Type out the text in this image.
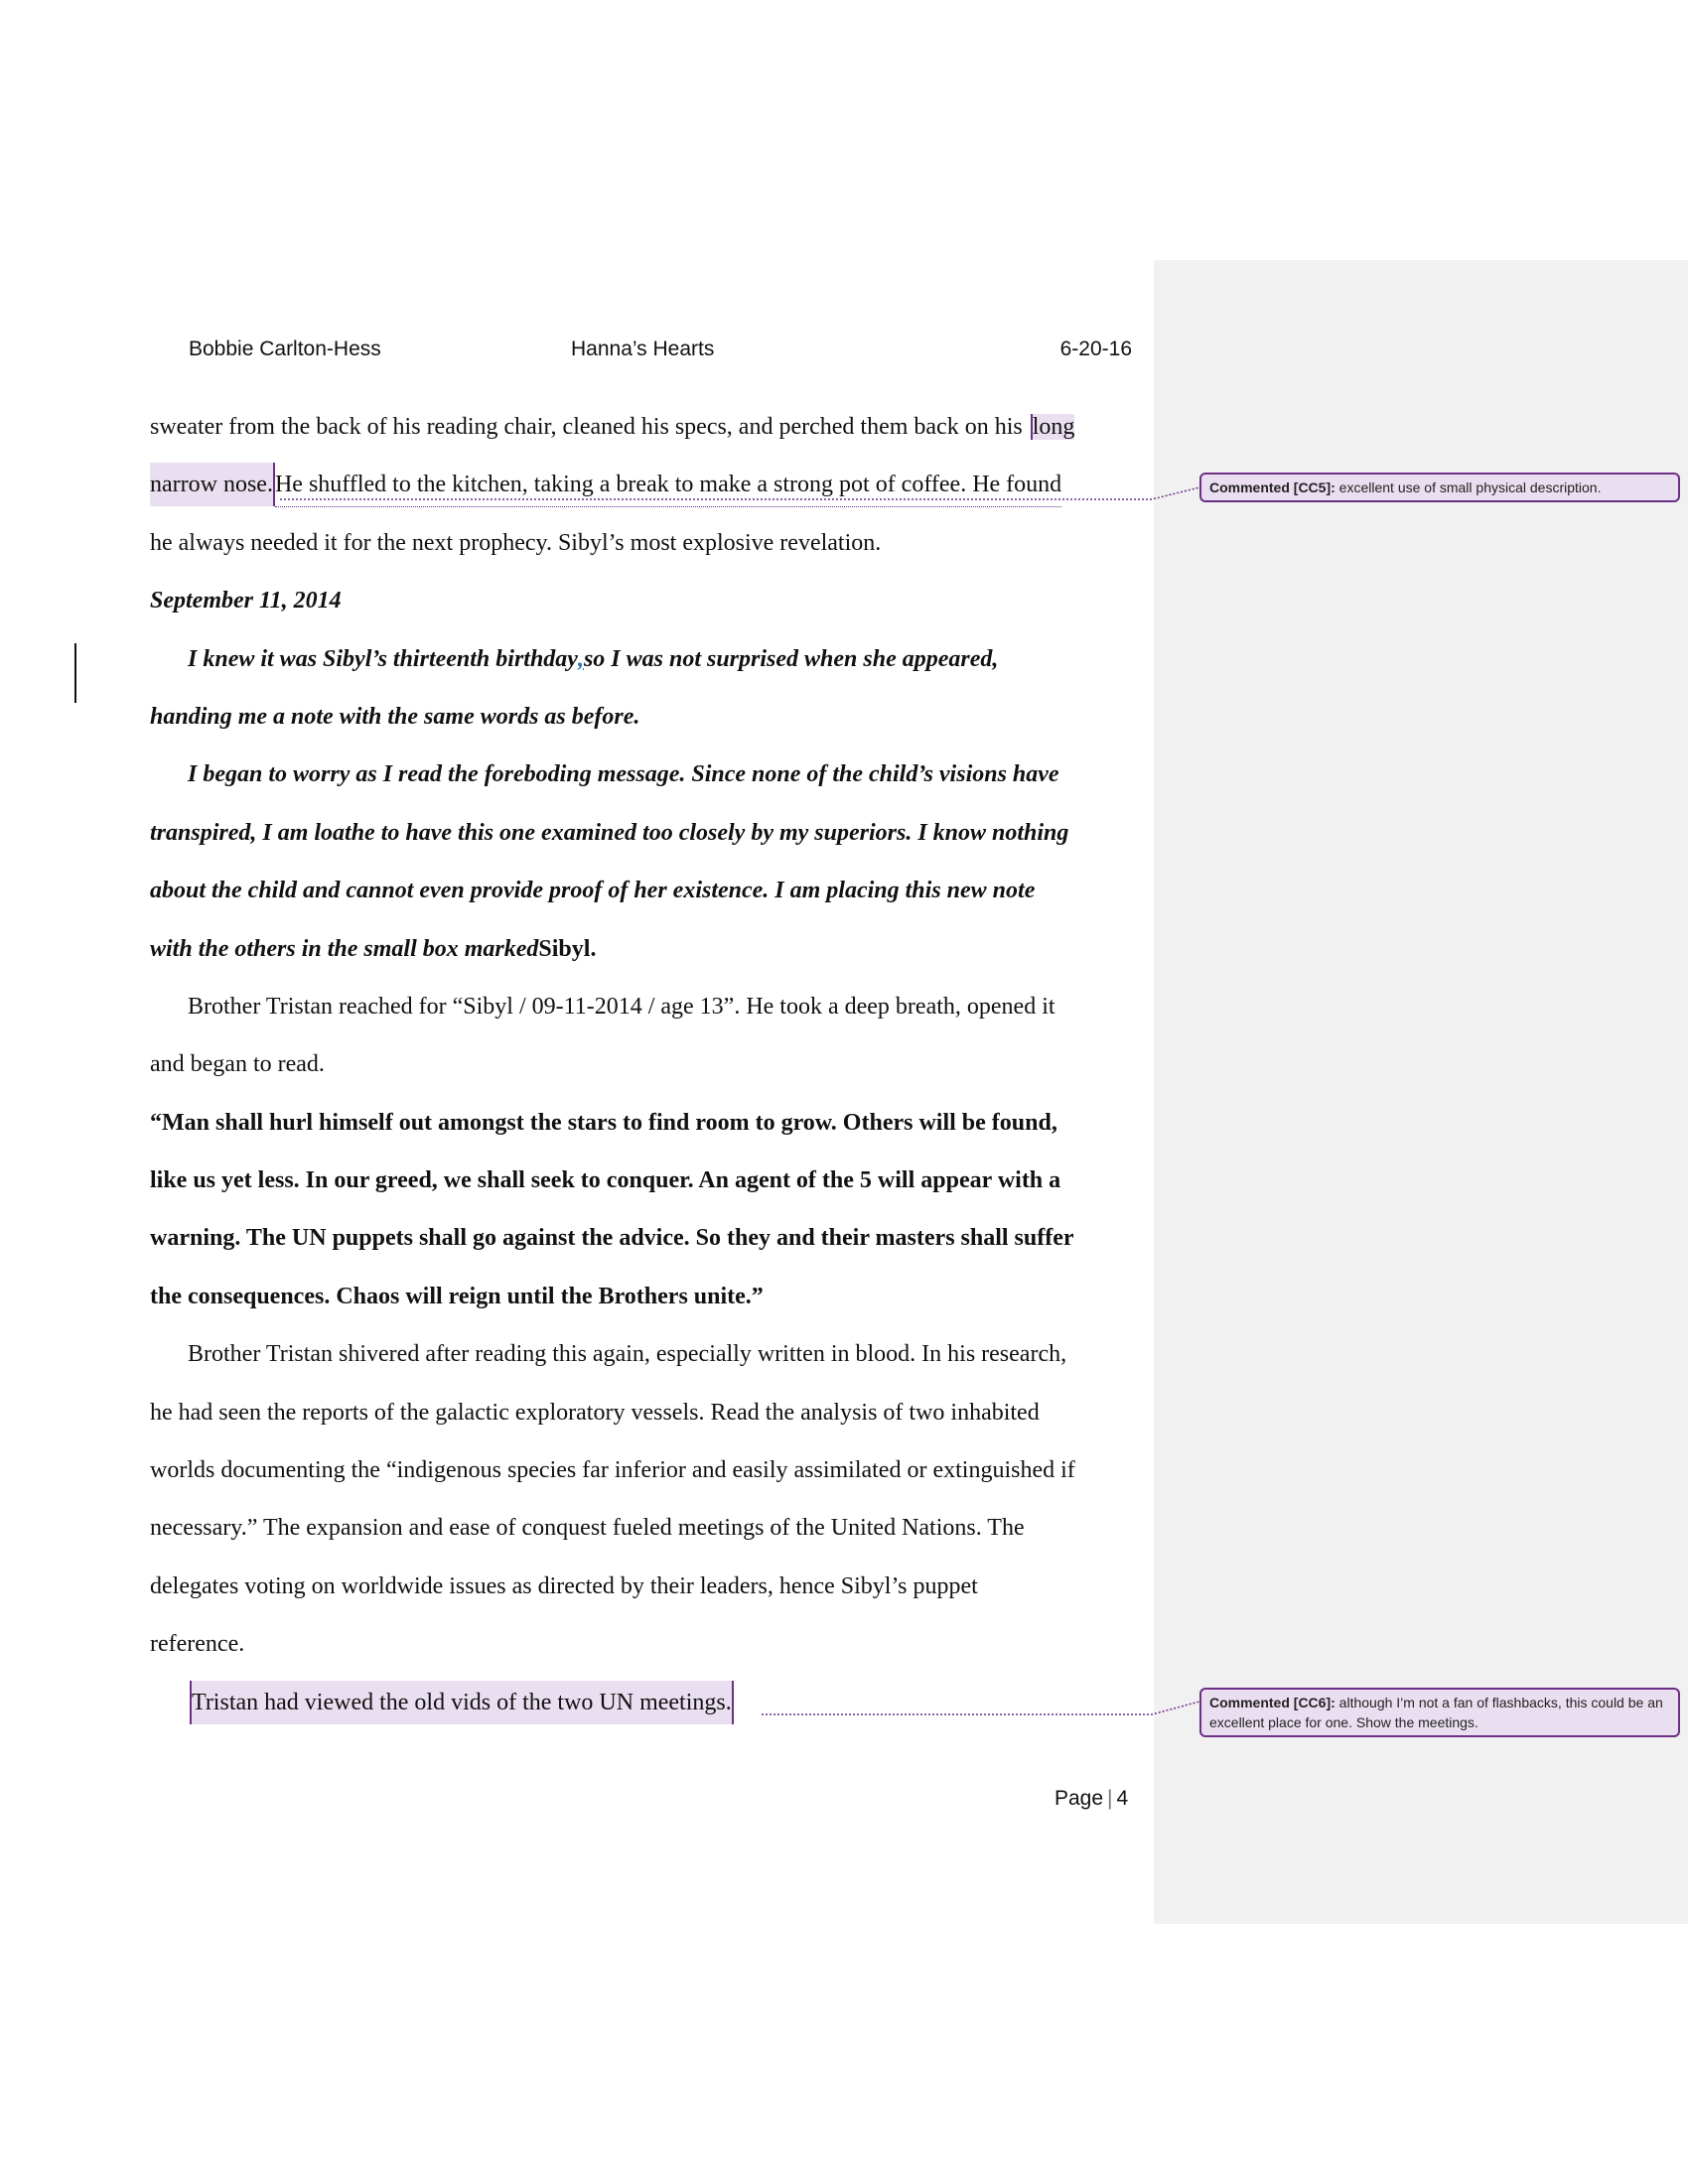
Bobbie Carlton-Hess	Hanna’s Hearts	6-20-16
sweater from the back of his reading chair, cleaned his specs, and perched them back on his long
narrow nose. He shuffled to the kitchen, taking a break to make a strong pot of coffee. He found
he always needed it for the next prophecy. Sibyl’s most explosive revelation.
September 11, 2014
I knew it was Sibyl’s thirteenth birthday , so I was not surprised when she appeared,
handing me a note with the same words as before.
I began to worry as I read the foreboding message. Since none of the child’s visions have
transpired, I am loathe to have this one examined too closely by my superiors. I know nothing
about the child and cannot even provide proof of her existence. I am placing this new note
with the others in the small box marked Sibyl.
Brother Tristan reached for “Sibyl / 09-11-2014 / age 13”. He took a deep breath, opened it
and began to read.
“Man shall hurl himself out amongst the stars to find room to grow. Others will be found,
like us yet less. In our greed, we shall seek to conquer. An agent of the 5 will appear with a
warning. The UN puppets shall go against the advice. So they and their masters shall suffer
the consequences. Chaos will reign until the Brothers unite.”
Brother Tristan shivered after reading this again, especially written in blood. In his research,
he had seen the reports of the galactic exploratory vessels. Read the analysis of two inhabited
worlds documenting the “indigenous species far inferior and easily assimilated or extinguished if
necessary.” The expansion and ease of conquest fueled meetings of the United Nations. The
delegates voting on worldwide issues as directed by their leaders, hence Sibyl’s puppet
reference.
Tristan had viewed the old vids of the two UN meetings.
Commented [CC5]: excellent use of small physical description.
Commented [CC6]: although I’m not a fan of flashbacks, this could be an excellent place for one. Show the meetings.
Page | 4
